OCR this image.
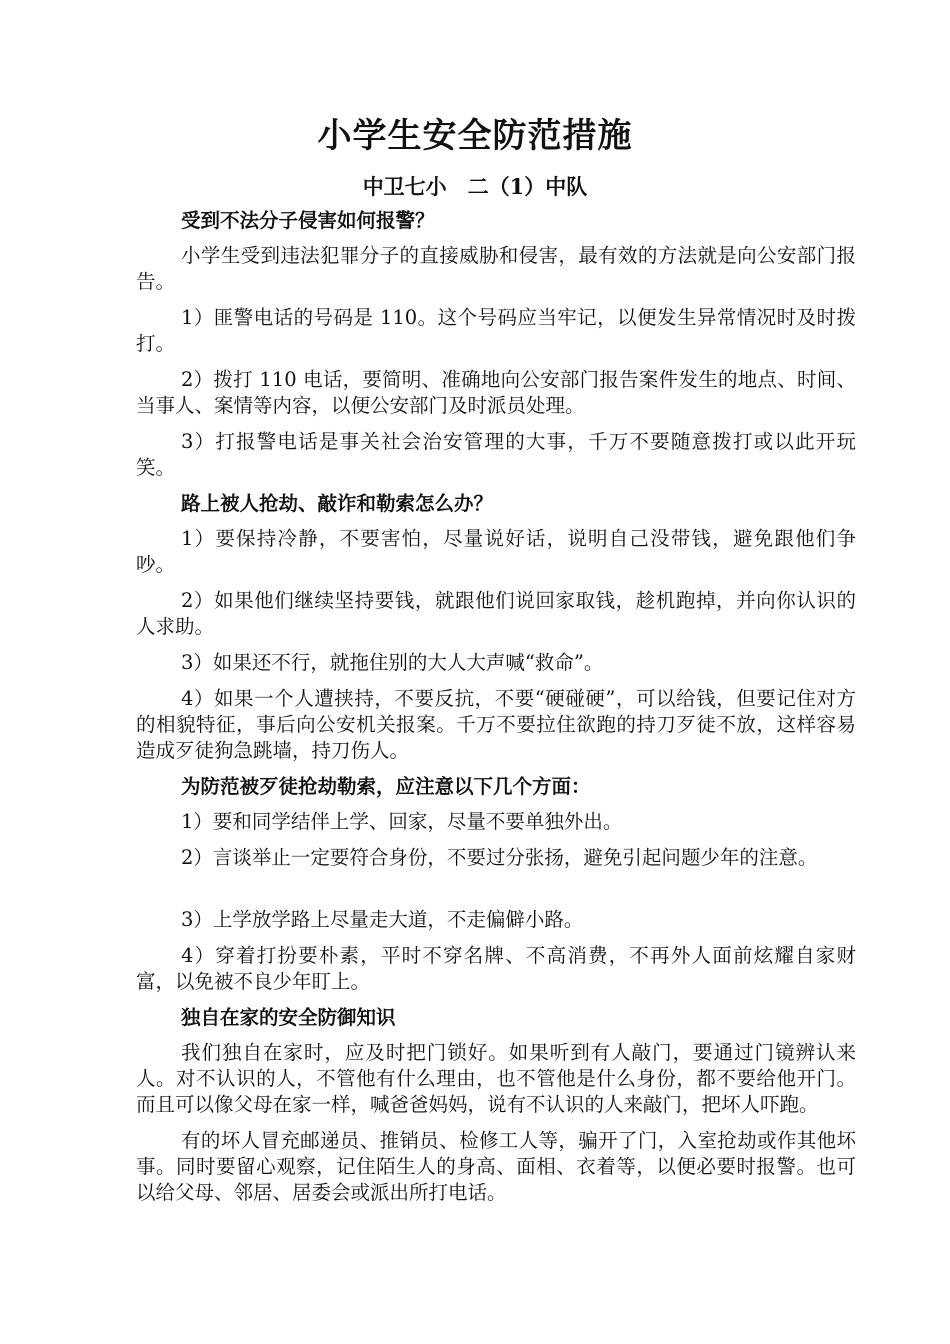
小学生安全防范措施
中卫七小　二（1）中队

受到不法分子侵害如何报警？

小学生受到违法犯罪分子的直接威胁和侵害，最有效的方法就是向公安部门报告。

1）匪警电话的号码是 110。这个号码应当牢记，以便发生异常情况时及时拨打。

2）拨打 110 电话，要简明、准确地向公安部门报告案件发生的地点、时间、当事人、案情等内容，以便公安部门及时派员处理。

3）打报警电话是事关社会治安管理的大事，千万不要随意拨打或以此开玩笑。

路上被人抢劫、敲诈和勒索怎么办？

1）要保持冷静，不要害怕，尽量说好话，说明自己没带钱，避免跟他们争吵。

2）如果他们继续坚持要钱，就跟他们说回家取钱，趁机跑掉，并向你认识的人求助。

3）如果还不行，就拖住别的大人大声喊“救命”。

4）如果一个人遭挟持，不要反抗，不要“硬碰硬”，可以给钱，但要记住对方的相貌特征，事后向公安机关报案。千万不要拉住欲跑的持刀歹徒不放，这样容易造成歹徒狗急跳墙，持刀伤人。

为防范被歹徒抢劫勒索，应注意以下几个方面：

1）要和同学结伴上学、回家，尽量不要单独外出。

2）言谈举止一定要符合身份，不要过分张扬，避免引起问题少年的注意。

3）上学放学路上尽量走大道，不走偏僻小路。

4）穿着打扮要朴素，平时不穿名牌、不高消费，不再外人面前炫耀自家财富，以免被不良少年盯上。

独自在家的安全防御知识

我们独自在家时，应及时把门锁好。如果听到有人敲门，要通过门镜辨认来人。对不认识的人，不管他有什么理由，也不管他是什么身份，都不要给他开门。而且可以像父母在家一样，喊爸爸妈妈，说有不认识的人来敲门，把坏人吓跑。

有的坏人冒充邮递员、推销员、检修工人等，骗开了门，入室抢劫或作其他坏事。同时要留心观察，记住陌生人的身高、面相、衣着等，以便必要时报警。也可以给父母、邻居、居委会或派出所打电话。
